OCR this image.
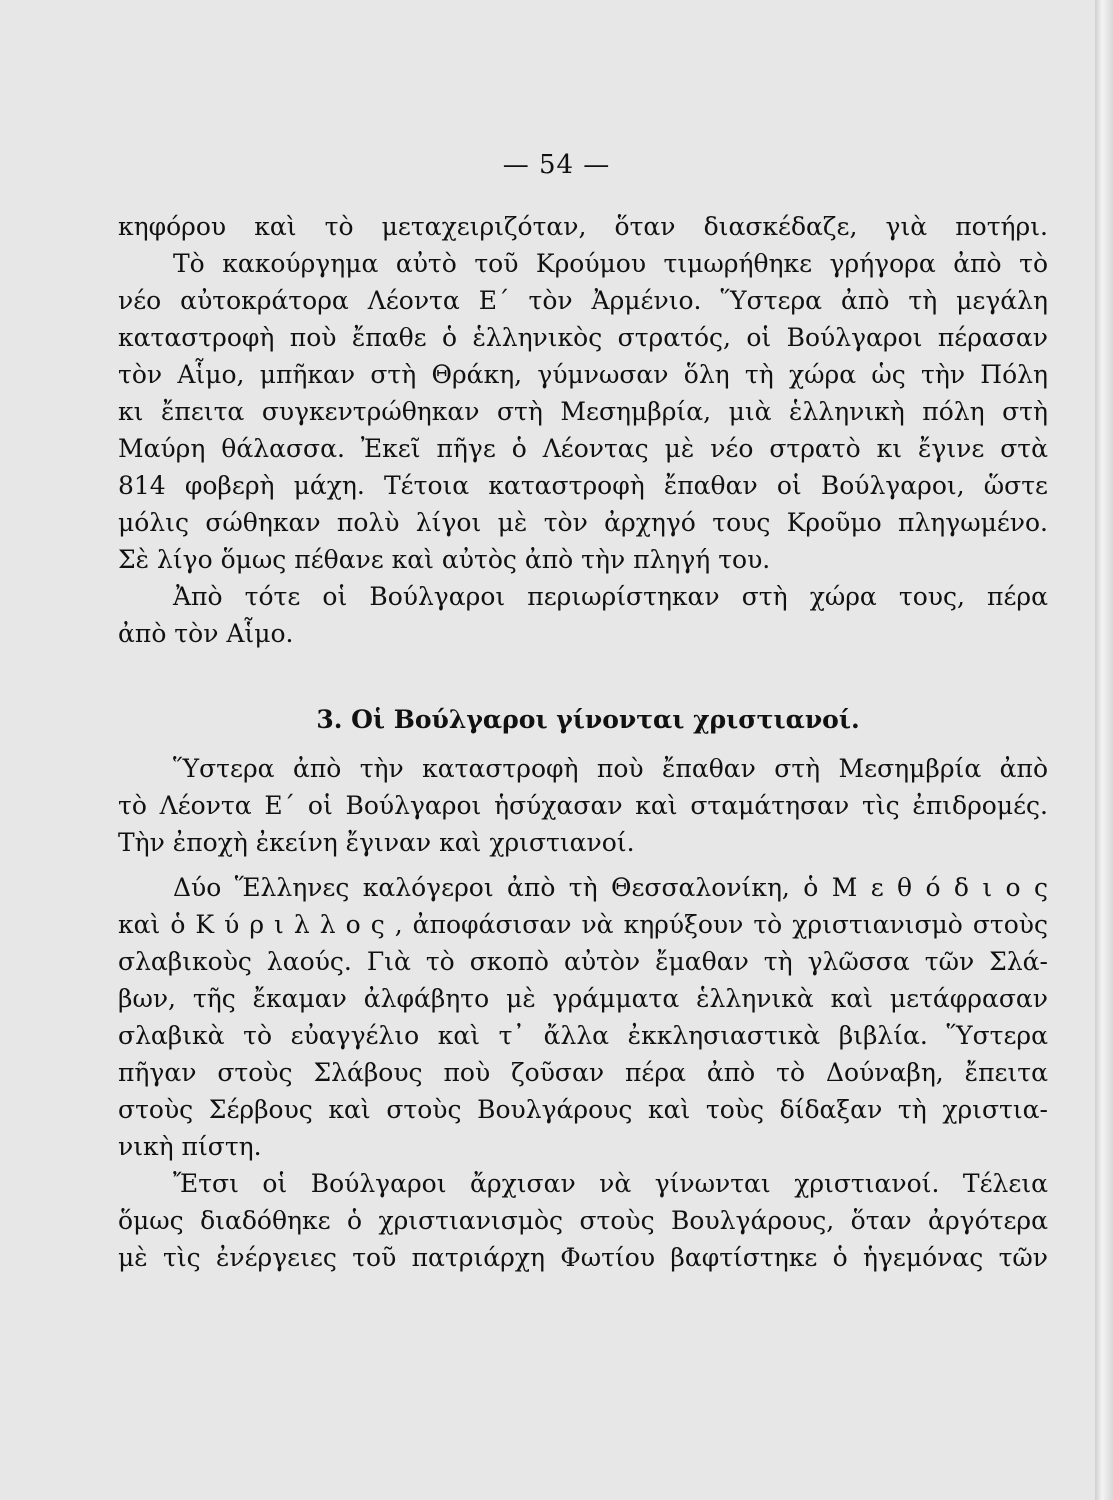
— 54 —
κηφόρου καὶ τὸ μεταχειριζόταν, ὅταν διασκέδαζε, γιὰ ποτήρι.
Τὸ κακούργημα αὐτὸ τοῦ Κρούμου τιμωρήθηκε γρήγορα ἀπὸ τὸ
νέο αὐτοκράτορα Λέοντα Ε΄ τὸν Ἀρμένιο. Ὕστερα ἀπὸ τὴ μεγάλη
καταστροφὴ ποὺ ἔπαθε ὁ ἑλληνικὸς στρατός, οἱ Βούλγαροι πέρασαν
τὸν Αἷμο, μπῆκαν στὴ Θράκη, γύμνωσαν ὅλη τὴ χώρα ὡς τὴν Πόλη
κι ἔπειτα συγκεντρώθηκαν στὴ Μεσημβρία, μιὰ ἑλληνικὴ πόλη στὴ
Μαύρη θάλασσα. Ἐκεῖ πῆγε ὁ Λέοντας μὲ νέο στρατὸ κι ἔγινε στὰ
814 φοβερὴ μάχη. Τέτοια καταστροφὴ ἔπαθαν οἱ Βούλγαροι, ὥστε
μόλις σώθηκαν πολὺ λίγοι μὲ τὸν ἀρχηγό τους Κροῦμο πληγωμένο.
Σὲ λίγο ὅμως πέθανε καὶ αὐτὸς ἀπὸ τὴν πληγή του.
Ἀπὸ τότε οἱ Βούλγαροι περιωρίστηκαν στὴ χώρα τους, πέρα
ἀπὸ τὸν Αἷμο.
3. Οἱ Βούλγαροι γίνονται χριστιανοί.
Ὕστερα ἀπὸ τὴν καταστροφὴ ποὺ ἔπαθαν στὴ Μεσημβρία ἀπὸ
τὸ Λέοντα Ε΄ οἱ Βούλγαροι ἡσύχασαν καὶ σταμάτησαν τὶς ἐπιδρομές.
Τὴν ἐποχὴ ἐκείνη ἔγιναν καὶ χριστιανοί.
Δύο Ἕλληνες καλόγεροι ἀπὸ τὴ Θεσσαλονίκη, ὁ Μ ε θ ό δ ι ο ς
καὶ ὁ Κ ύ ρ ι λ λ ο ς , ἀποφάσισαν νὰ κηρύξουν τὸ χριστιανισμὸ στοὺς
σλαβικοὺς λαούς. Γιὰ τὸ σκοπὸ αὐτὸν ἔμαθαν τὴ γλῶσσα τῶν Σλά-
βων, τῆς ἔκαμαν ἀλφάβητο μὲ γράμματα ἑλληνικὰ καὶ μετάφρασαν
σλαβικὰ τὸ εὐαγγέλιο καὶ τ᾽ ἄλλα ἐκκλησιαστικὰ βιβλία. Ὕστερα
πῆγαν στοὺς Σλάβους ποὺ ζοῦσαν πέρα ἀπὸ τὸ Δούναβη, ἔπειτα
στοὺς Σέρβους καὶ στοὺς Βουλγάρους καὶ τοὺς δίδαξαν τὴ χριστια-
νικὴ πίστη.
Ἔτσι οἱ Βούλγαροι ἄρχισαν νὰ γίνωνται χριστιανοί. Τέλεια
ὅμως διαδόθηκε ὁ χριστιανισμὸς στοὺς Βουλγάρους, ὅταν ἀργότερα
μὲ τὶς ἐνέργειες τοῦ πατριάρχη Φωτίου βαφτίστηκε ὁ ἡγεμόνας τῶν
